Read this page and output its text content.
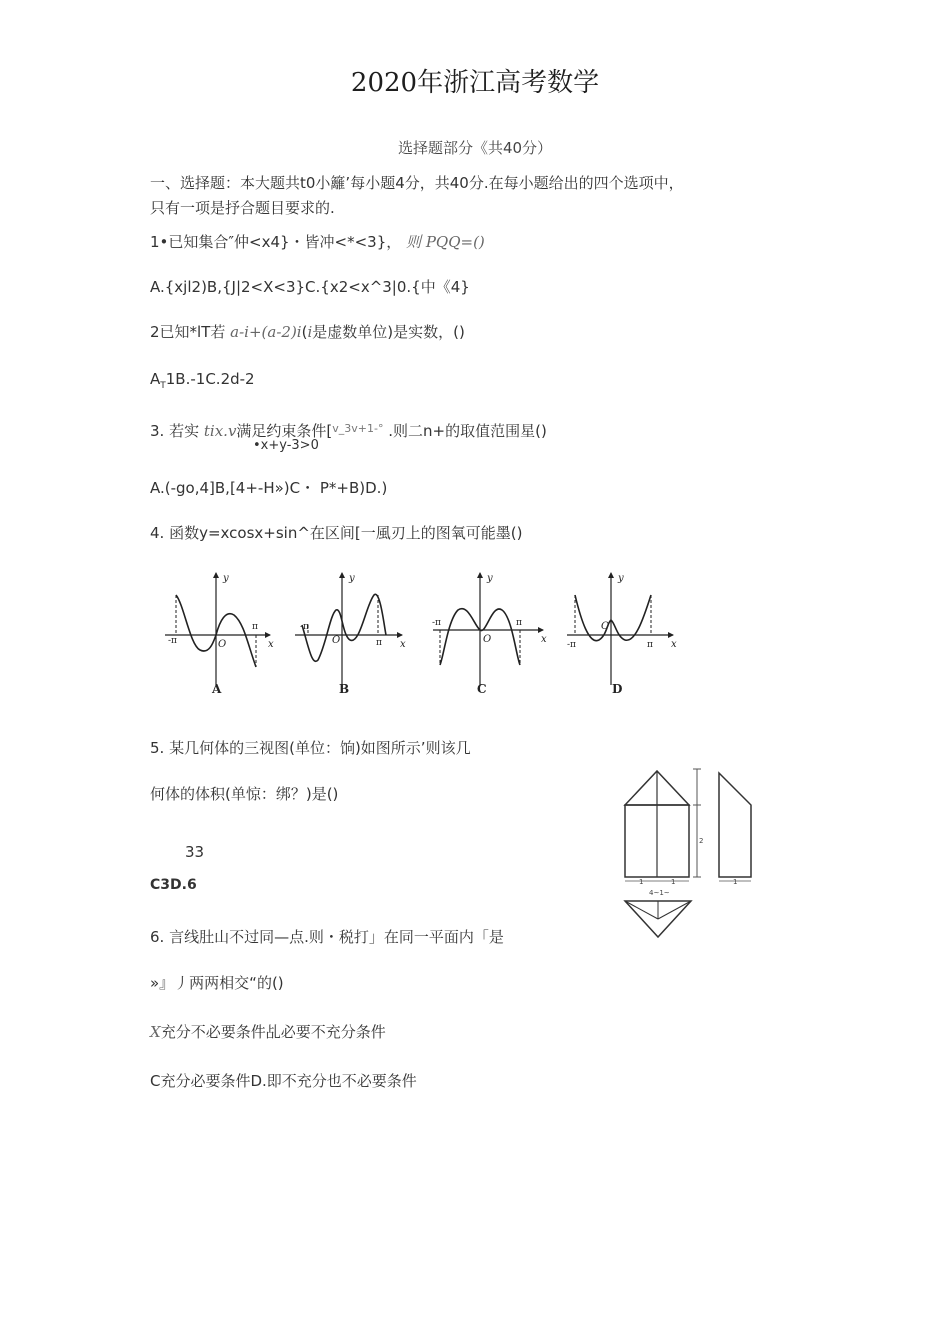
2020年浙江高考数学
选择题部分《共40分）
一、选择题：本大题共t0小籬’每小题4分，共40分.在每小题给出的四个选项中，
只有一项是抒合题目要求的.
1•已知集合″仲<x4}・皆冲<*<3}， 则 PQQ=()
A.{xjl2)B,{J|2<X<3}C.{x2<x^3|0.{中《4}
2已知*lT若 a-i+(a-2)i(i是虚数单位)是实数，()
$A_T1B.-1C.2d-2$
3. 若实 tix.v满足约束条件[$^{v\_3v+1-^\circ}$ .则二n+的取值范围星()
•x+y-3>0
A.(-go,4]B,[4+-H»)C・ P*+B)D.)
4. 函数y=xcosx+sin^在区间[一風刃上的图氧可能墨()
y
x
O
-π
π
A
y
x
O
-π
π
B
y
x
O
-π	π
C
y
x
O
-π	π
D
5. 某几何体的三视图(单位：饷)如图所示’则该几
何体的体积(单惊：绑？)是()
33
C3D.6	1	1
4~1~
2
1
6. 言线肚山不过同—点.则・税打」在同一平面内「是
»』丿两两相交“的()
X充分不必要条件乩必要不充分条件
C充分必要条件D.即不充分也不必要条件
